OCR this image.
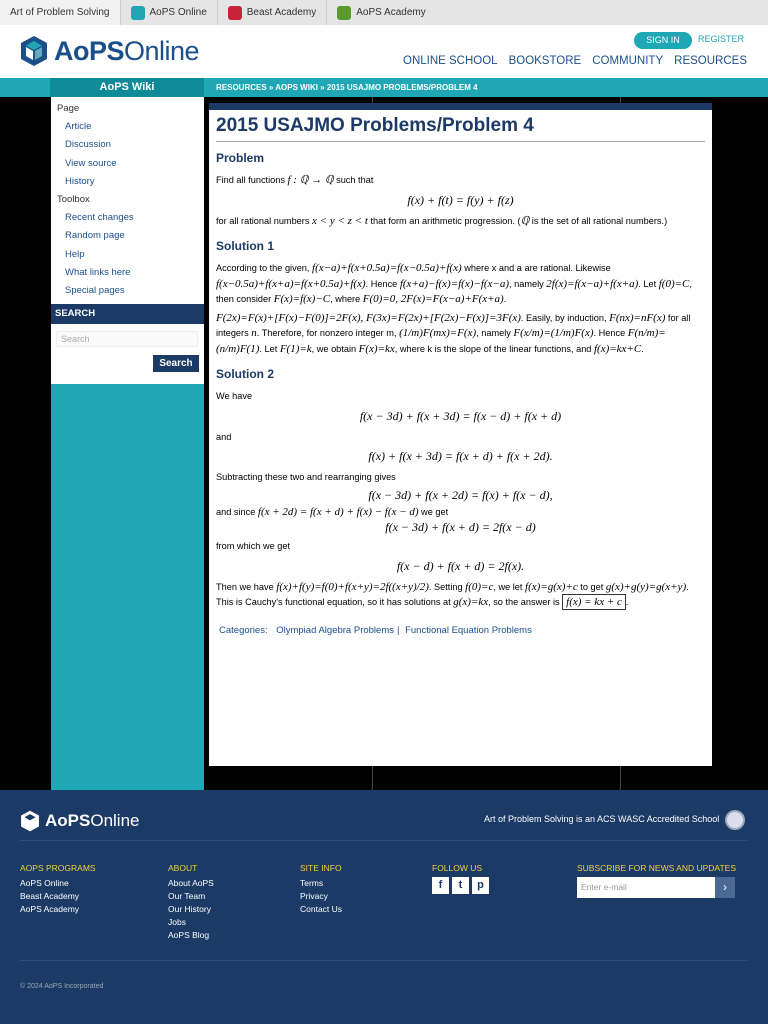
Art of Problem Solving	AoPS Online	Beast Academy	AoPS Academy
AoPSOnline	SIGN IN	REGISTER
ONLINE SCHOOL BOOKSTORE COMMUNITY RESOURCES
AoPS Wiki	RESOURCES » AOPS WIKI » 2015 USAJMO PROBLEMS/PROBLEM 4
Page
Article
Discussion
View source
History
Toolbox
Recent changes
Random page
Help
What links here
Special pages
SEARCH
Search
Search
2015 USAJMO Problems/Problem 4
Problem

Find all functions f : ℚ → ℚ such that

f(x) + f(t) = f(y) + f(z)

for all rational numbers x < y < z < t that form an arithmetic progression. (ℚ is the set of all rational numbers.)

Solution 1

According to the given, f(x−a)+f(x+0.5a)=f(x−0.5a)+f(x) where x and a are rational. Likewise f(x−0.5a)+f(x+a)=f(x+0.5a)+f(x). Hence f(x+a)−f(x)=f(x)−f(x−a), namely 2f(x)=f(x−a)+f(x+a). Let f(0)=C, then consider F(x)=f(x)−C, where F(0)=0, 2F(x)=F(x−a)+F(x+a).

F(2x)=F(x)+[F(x)−F(0)]=2F(x), F(3x)=F(2x)+[F(2x)−F(x)]=3F(x). Easily, by induction, F(nx)=nF(x) for all integers n. Therefore, for nonzero integer m, (1/m)F(mx)=F(x), namely F(x/m)=(1/m)F(x). Hence F(n/m)=(n/m)F(1). Let F(1)=k, we obtain F(x)=kx, where k is the slope of the linear functions, and f(x)=kx+C.

Solution 2

We have

f(x − 3d) + f(x + 3d) = f(x − d) + f(x + d)

and

f(x) + f(x + 3d) = f(x + d) + f(x + 2d).

Subtracting these two and rearranging gives

f(x − 3d) + f(x + 2d) = f(x) + f(x − d),

and since f(x + 2d) = f(x + d) + f(x) − f(x − d) we get

f(x − 3d) + f(x + d) = 2f(x − d)

from which we get

f(x − d) + f(x + d) = 2f(x).

Then we have f(x)+f(y)=f(0)+f(x+y)=2f((x+y)/2). Setting f(0)=c, we let f(x)=g(x)+c to get g(x)+g(y)=g(x+y). This is Cauchy's functional equation, so it has solutions at g(x)=kx, so the answer is f(x) = kx + c .

Categories: Olympiad Algebra Problems | Functional Equation Problems
AoPSOnline	Art of Problem Solving is an ACS WASC Accredited School
AOPS PROGRAMS
AoPS Online
Beast Academy
AoPS Academy
ABOUT
About AoPS
Our Team
Our History
Jobs
AoPS Blog
SITE INFO
Terms
Privacy
Contact Us
FOLLOW US
f	t	p
SUBSCRIBE FOR NEWS AND UPDATES
Enter e-mail	›
© 2024 AoPS Incorporated
